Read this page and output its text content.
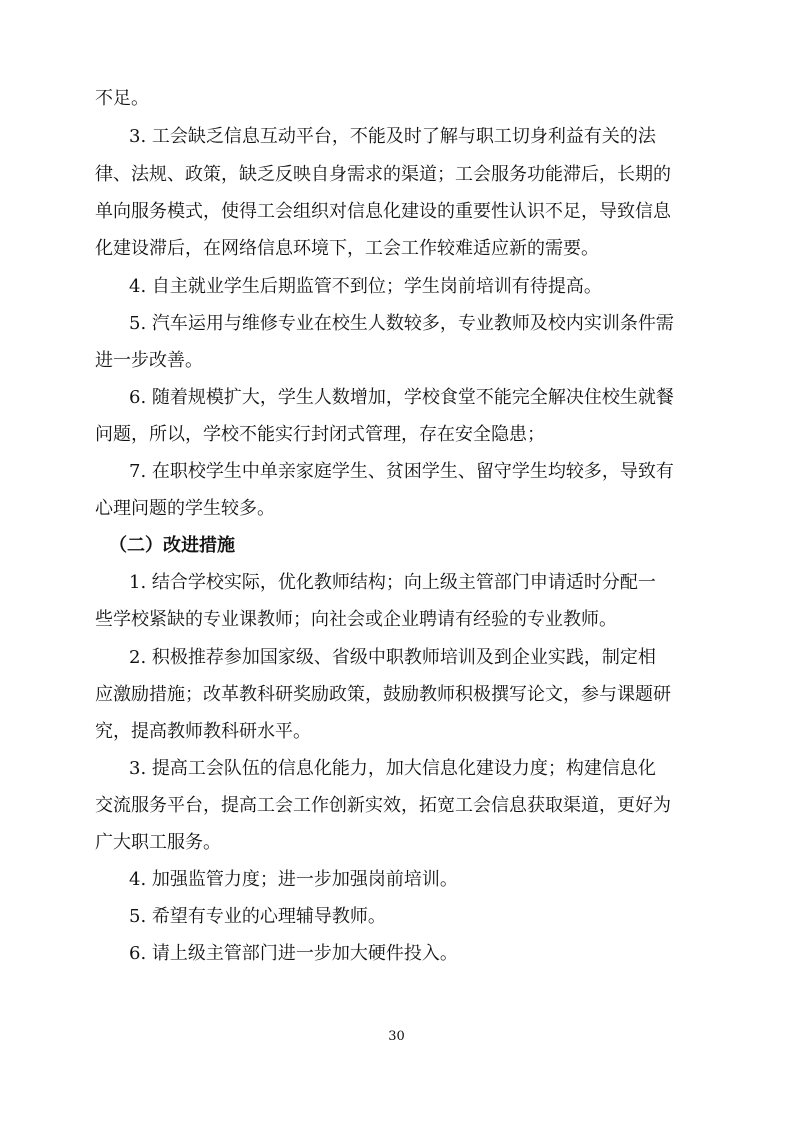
不足。
3. 工会缺乏信息互动平台，不能及时了解与职工切身利益有关的法
律、法规、政策，缺乏反映自身需求的渠道；工会服务功能滞后，长期的
单向服务模式，使得工会组织对信息化建设的重要性认识不足，导致信息
化建设滞后，在网络信息环境下，工会工作较难适应新的需要。
4. 自主就业学生后期监管不到位；学生岗前培训有待提高。
5. 汽车运用与维修专业在校生人数较多，专业教师及校内实训条件需
进一步改善。
6. 随着规模扩大，学生人数增加，学校食堂不能完全解决住校生就餐
问题，所以，学校不能实行封闭式管理，存在安全隐患；
7. 在职校学生中单亲家庭学生、贫困学生、留守学生均较多，导致有
心理问题的学生较多。
（二）改进措施
1. 结合学校实际，优化教师结构；向上级主管部门申请适时分配一
些学校紧缺的专业课教师；向社会或企业聘请有经验的专业教师。
2. 积极推荐参加国家级、省级中职教师培训及到企业实践，制定相
应激励措施；改革教科研奖励政策，鼓励教师积极撰写论文，参与课题研
究，提高教师教科研水平。
3. 提高工会队伍的信息化能力，加大信息化建设力度；构建信息化
交流服务平台，提高工会工作创新实效，拓宽工会信息获取渠道，更好为
广大职工服务。
4. 加强监管力度；进一步加强岗前培训。
5. 希望有专业的心理辅导教师。
6. 请上级主管部门进一步加大硬件投入。
30
